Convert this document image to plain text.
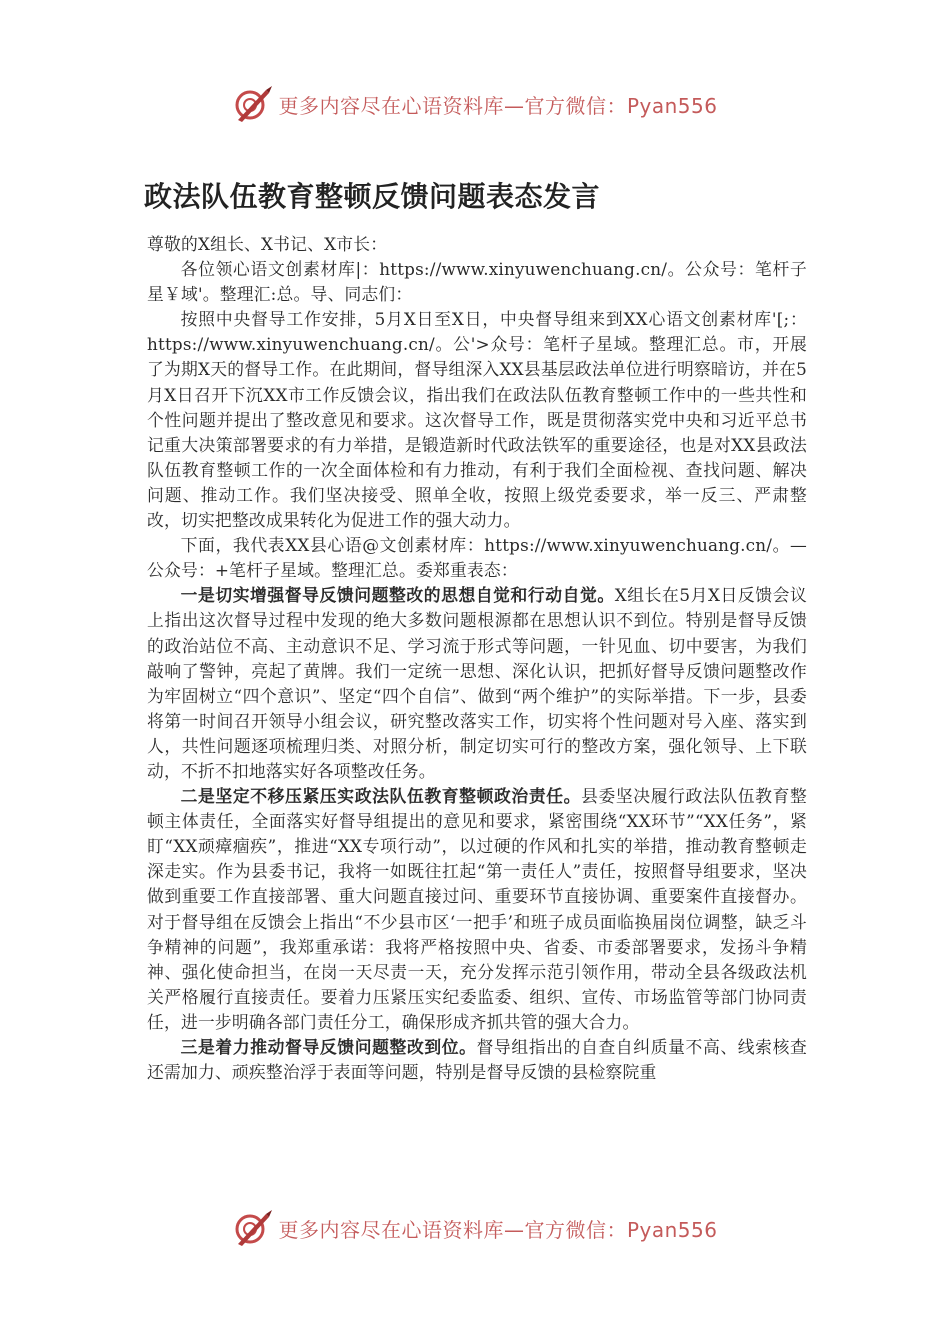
更多内容尽在心语资料库—官方微信：Pyan556
政法队伍教育整顿反馈问题表态发言

尊敬的X组长、X书记、X市长：

各位领心语文创素材库|：https://www.xinyuwenchuang.cn/。公众号：笔杆子星￥域'。整理汇:总。导、同志们：

按照中央督导工作安排，5月X日至X日，中央督导组来到XX心语文创素材库'[;：https://www.xinyuwenchuang.cn/。公'>众号：笔杆子星域。整理汇总。市，开展了为期X天的督导工作。在此期间，督导组深入XX县基层政法单位进行明察暗访，并在5月X日召开下沉XX市工作反馈会议，指出我们在政法队伍教育整顿工作中的一些共性和个性问题并提出了整改意见和要求。这次督导工作，既是贯彻落实党中央和习近平总书记重大决策部署要求的有力举措，是锻造新时代政法铁军的重要途径，也是对XX县政法队伍教育整顿工作的一次全面体检和有力推动，有利于我们全面检视、查找问题、解决问题、推动工作。我们坚决接受、照单全收，按照上级党委要求，举一反三、严肃整改，切实把整改成果转化为促进工作的强大动力。

下面，我代表XX县心语@文创素材库：https://www.xinyuwenchuang.cn/。—公众号：+笔杆子星域。整理汇总。委郑重表态：

一是切实增强督导反馈问题整改的思想自觉和行动自觉。X组长在5月X日反馈会议上指出这次督导过程中发现的绝大多数问题根源都在思想认识不到位。特别是督导反馈的政治站位不高、主动意识不足、学习流于形式等问题，一针见血、切中要害，为我们敲响了警钟，亮起了黄牌。我们一定统一思想、深化认识，把抓好督导反馈问题整改作为牢固树立“四个意识”、坚定“四个自信”、做到“两个维护”的实际举措。下一步，县委将第一时间召开领导小组会议，研究整改落实工作，切实将个性问题对号入座、落实到人，共性问题逐项梳理归类、对照分析，制定切实可行的整改方案，强化领导、上下联动，不折不扣地落实好各项整改任务。

二是坚定不移压紧压实政法队伍教育整顿政治责任。县委坚决履行政法队伍教育整顿主体责任，全面落实好督导组提出的意见和要求，紧密围绕“XX环节”“XX任务”，紧盯“XX顽瘴痼疾”，推进“XX专项行动”，以过硬的作风和扎实的举措，推动教育整顿走深走实。作为县委书记，我将一如既往扛起“第一责任人”责任，按照督导组要求，坚决做到重要工作直接部署、重大问题直接过问、重要环节直接协调、重要案件直接督办。对于督导组在反馈会上指出“不少县市区‘一把手’和班子成员面临换届岗位调整，缺乏斗争精神的问题”，我郑重承诺：我将严格按照中央、省委、市委部署要求，发扬斗争精神、强化使命担当，在岗一天尽责一天，充分发挥示范引领作用，带动全县各级政法机关严格履行直接责任。要着力压紧压实纪委监委、组织、宣传、市场监管等部门协同责任，进一步明确各部门责任分工，确保形成齐抓共管的强大合力。

三是着力推动督导反馈问题整改到位。督导组指出的自查自纠质量不高、线索核查还需加力、顽疾整治浮于表面等问题，特别是督导反馈的县检察院重

更多内容尽在心语资料库—官方微信：Pyan556
